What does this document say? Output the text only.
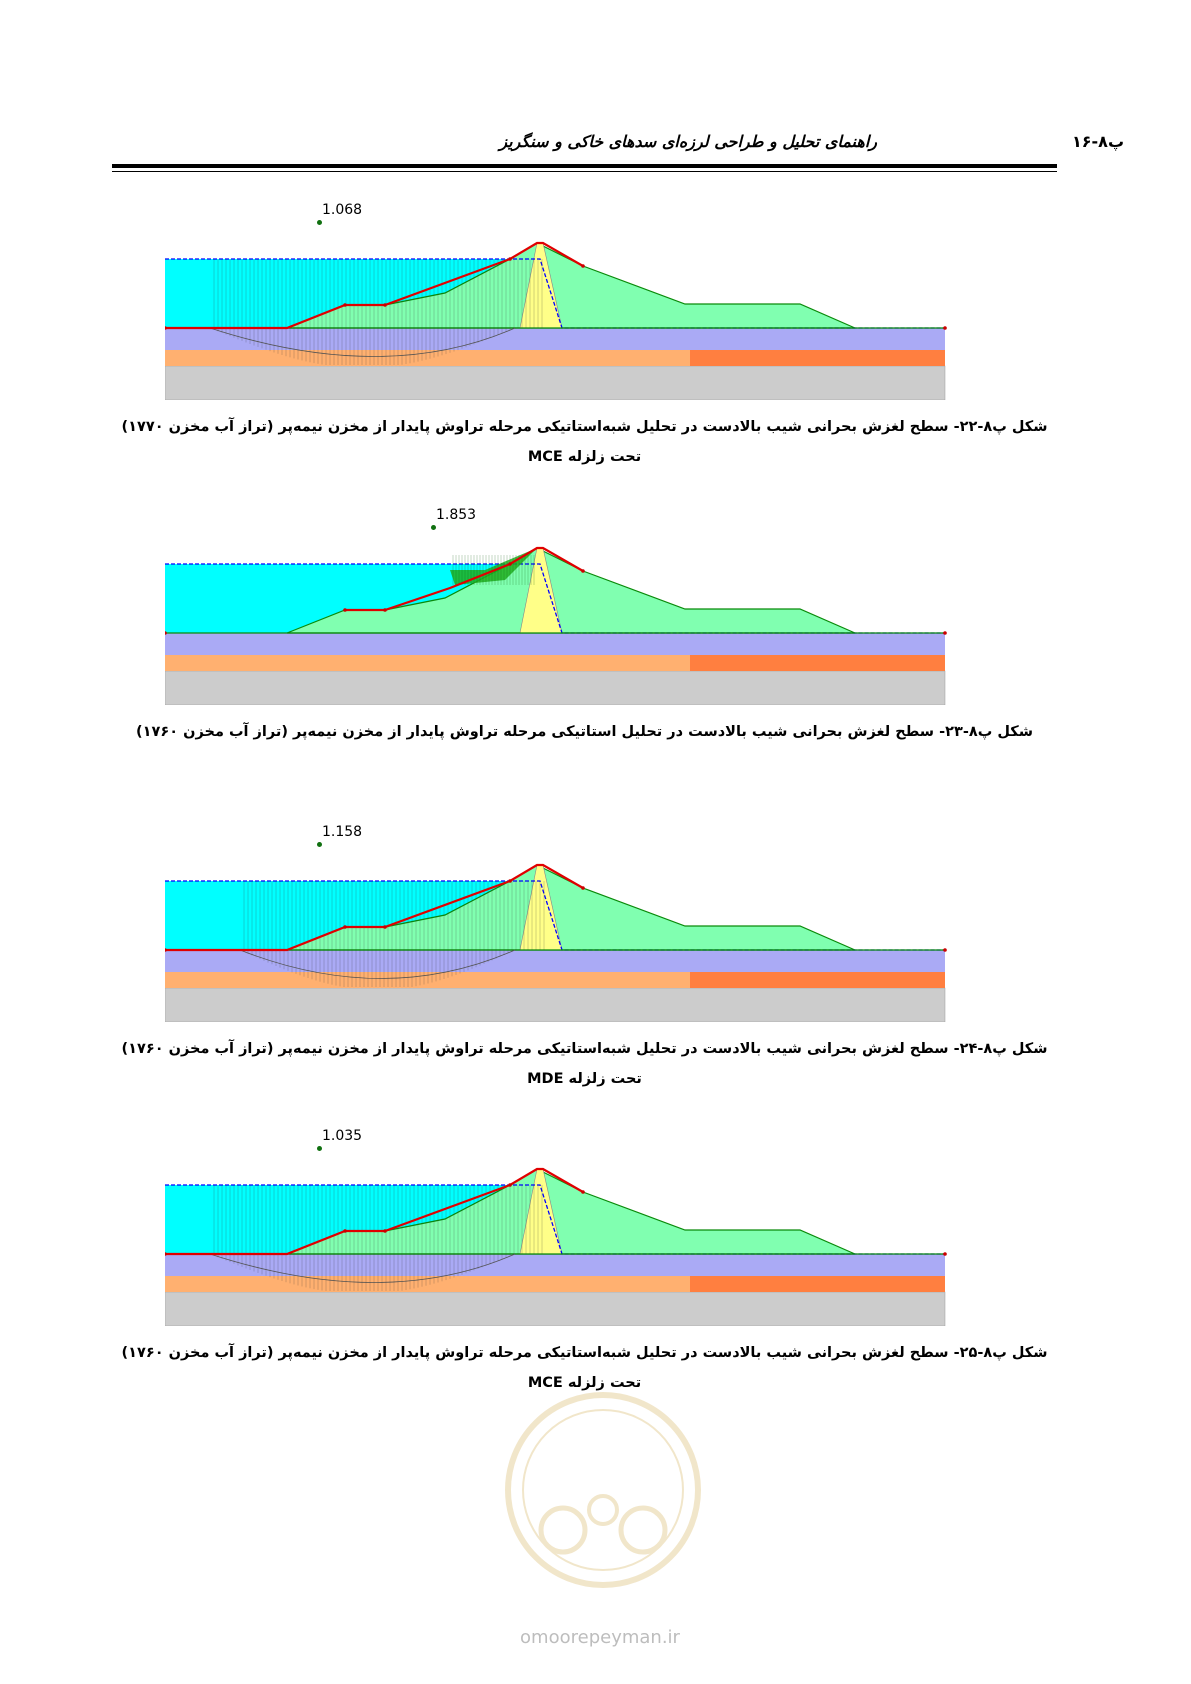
راهنمای تحلیل و طراحی لرزه‌ای سدهای خاکی و سنگریز	پ۸-۱۶
1.068
شکل پ۸-۲۲- سطح لغزش بحرانی شیب بالادست در تحلیل شبه‌استاتیکی مرحله تراوش پایدار از مخزن نیمه‌پر (تراز آب مخزن ۱۷۷۰)
تحت زلزله MCE
1.853
شکل پ۸-۲۳- سطح لغزش بحرانی شیب بالادست در تحلیل استاتیکی مرحله تراوش پایدار از مخزن نیمه‌پر (تراز آب مخزن ۱۷۶۰)
1.158
شکل پ۸-۲۴- سطح لغزش بحرانی شیب بالادست در تحلیل شبه‌استاتیکی مرحله تراوش پایدار از مخزن نیمه‌پر (تراز آب مخزن ۱۷۶۰)
تحت زلزله MDE
1.035
شکل پ۸-۲۵- سطح لغزش بحرانی شیب بالادست در تحلیل شبه‌استاتیکی مرحله تراوش پایدار از مخزن نیمه‌پر (تراز آب مخزن ۱۷۶۰)
تحت زلزله MCE
omoorepeyman.ir
